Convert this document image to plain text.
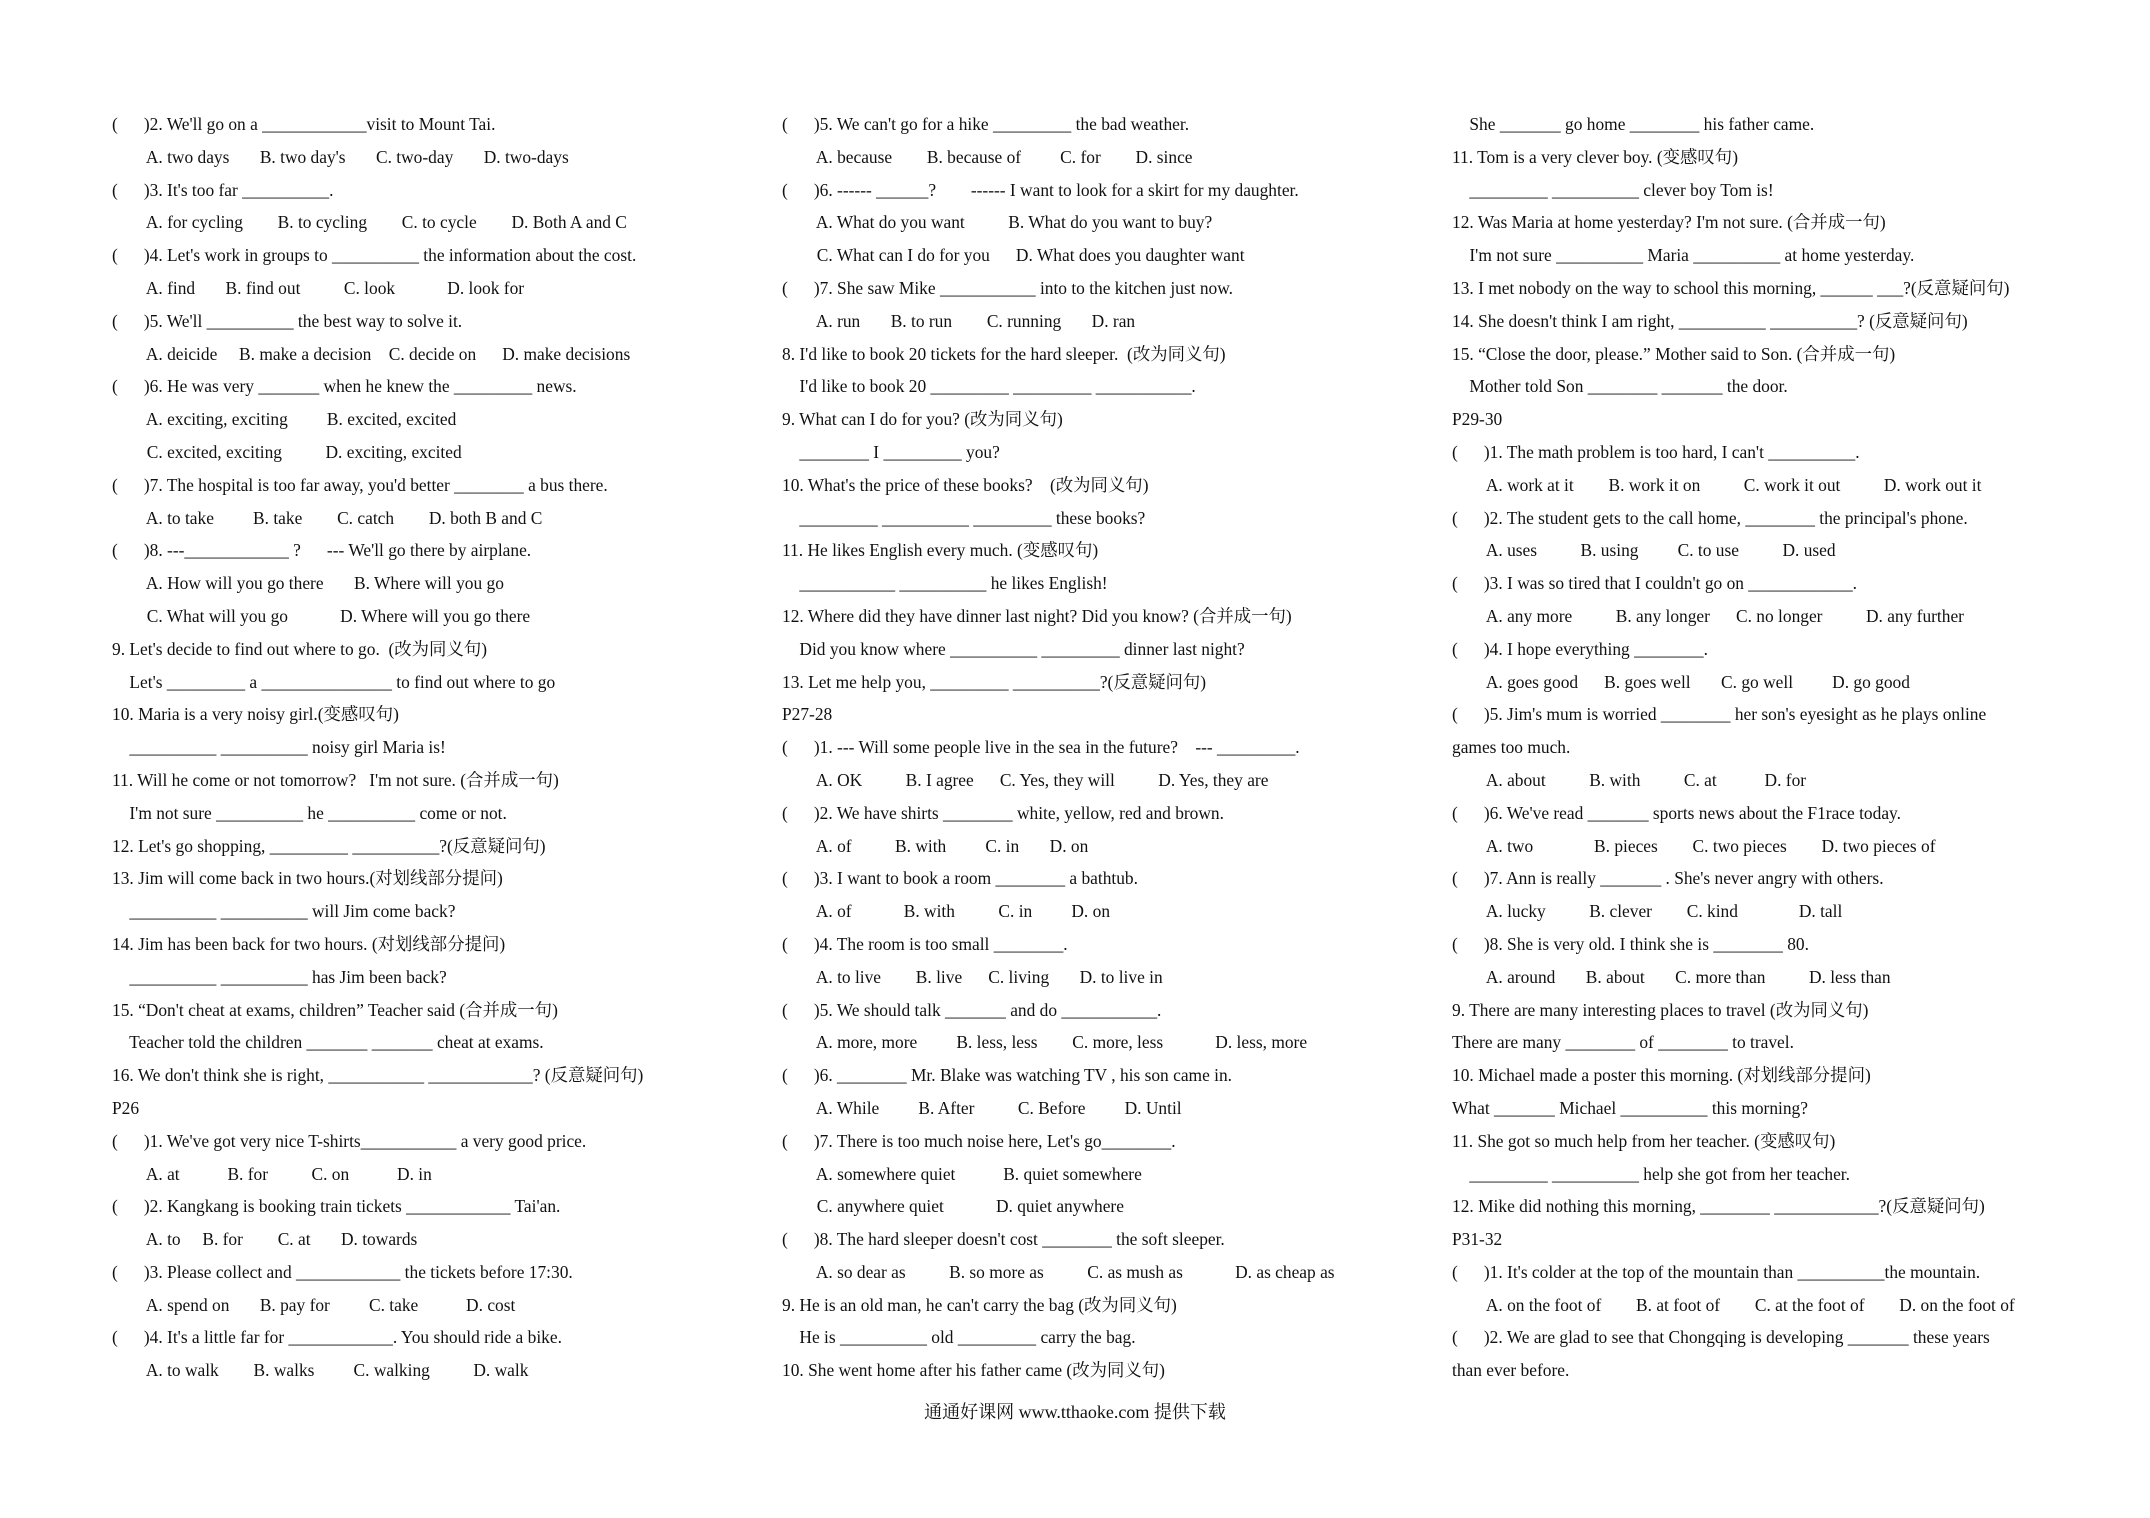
(      )2. We'll go on a ____________visit to Mount Tai.
A. two days       B. two day's       C. two-day       D. two-days
(      )3. It's too far __________.
A. for cycling        B. to cycling        C. to cycle        D. Both A and C
(      )4. Let's work in groups to __________ the information about the cost.
A. find       B. find out          C. look            D. look for
(      )5. We'll __________ the best way to solve it.
A. deicide     B. make a decision    C. decide on      D. make decisions
(      )6. He was very _______ when he knew the _________ news.
A. exciting, exciting         B. excited, excited
C. excited, exciting          D. exciting, excited
(      )7. The hospital is too far away, you'd better ________ a bus there.
A. to take         B. take        C. catch        D. both B and C
(      )8. ---____________ ?      --- We'll go there by airplane.
A. How will you go there       B. Where will you go
C. What will you go            D. Where will you go there
9. Let's decide to find out where to go.  (改为同义句)
Let's _________ a _______________ to find out where to go
10. Maria is a very noisy girl.(变感叹句)
__________ __________ noisy girl Maria is!
11. Will he come or not tomorrow?   I'm not sure. (合并成一句)
I'm not sure __________ he __________ come or not.
12. Let's go shopping, _________ __________?(反意疑问句)
13. Jim will come back in two hours.(对划线部分提问)
__________ __________ will Jim come back?
14. Jim has been back for two hours. (对划线部分提问)
__________ __________ has Jim been back?
15. “Don't cheat at exams, children” Teacher said (合并成一句)
Teacher told the children _______ _______ cheat at exams.
16. We don't think she is right, ___________ ____________? (反意疑问句)
P26
(      )1. We've got very nice T-shirts___________ a very good price.
A. at           B. for          C. on           D. in
(      )2. Kangkang is booking train tickets ____________ Tai'an.
A. to     B. for        C. at       D. towards
(      )3. Please collect and ____________ the tickets before 17:30.
A. spend on       B. pay for         C. take           D. cost
(      )4. It's a little far for ____________. You should ride a bike.
A. to walk        B. walks         C. walking          D. walk
(      )5. We can't go for a hike _________ the bad weather.
A. because        B. because of         C. for        D. since
(      )6. ------ ______?        ------ I want to look for a skirt for my daughter.
A. What do you want          B. What do you want to buy?
C. What can I do for you      D. What does you daughter want
(      )7. She saw Mike ___________ into to the kitchen just now.
A. run       B. to run        C. running       D. ran
8. I'd like to book 20 tickets for the hard sleeper.  (改为同义句)
I'd like to book 20 _________ _________ ___________.
9. What can I do for you? (改为同义句)
________ I _________ you?
10. What's the price of these books?    (改为同义句)
_________ __________ _________ these books?
11. He likes English every much. (变感叹句)
___________ __________ he likes English!
12. Where did they have dinner last night? Did you know? (合并成一句)
Did you know where __________ _________ dinner last night?
13. Let me help you, _________ __________?(反意疑问句)
P27-28
(      )1. --- Will some people live in the sea in the future?    --- _________.
A. OK          B. I agree      C. Yes, they will          D. Yes, they are
(      )2. We have shirts ________ white, yellow, red and brown.
A. of          B. with         C. in       D. on
(      )3. I want to book a room ________ a bathtub.
A. of            B. with          C. in         D. on
(      )4. The room is too small ________.
A. to live        B. live      C. living       D. to live in
(      )5. We should talk _______ and do ___________.
A. more, more         B. less, less        C. more, less            D. less, more
(      )6. ________ Mr. Blake was watching TV , his son came in.
A. While         B. After          C. Before         D. Until
(      )7. There is too much noise here, Let's go________.
A. somewhere quiet           B. quiet somewhere
C. anywhere quiet            D. quiet anywhere
(      )8. The hard sleeper doesn't cost ________ the soft sleeper.
A. so dear as          B. so more as          C. as mush as            D. as cheap as
9. He is an old man, he can't carry the bag (改为同义句)
He is __________ old _________ carry the bag.
10. She went home after his father came (改为同义句)
She _______ go home ________ his father came.
11. Tom is a very clever boy. (变感叹句)
_________ __________ clever boy Tom is!
12. Was Maria at home yesterday? I'm not sure. (合并成一句)
I'm not sure __________ Maria __________ at home yesterday.
13. I met nobody on the way to school this morning, ______ ___?(反意疑问句)
14. She doesn't think I am right, __________ __________? (反意疑问句)
15. “Close the door, please.” Mother said to Son. (合并成一句)
Mother told Son ________ _______ the door.
P29-30
(      )1. The math problem is too hard, I can't __________.
A. work at it        B. work it on          C. work it out          D. work out it
(      )2. The student gets to the call home, ________ the principal's phone.
A. uses          B. using         C. to use          D. used
(      )3. I was so tired that I couldn't go on ____________.
A. any more          B. any longer      C. no longer          D. any further
(      )4. I hope everything ________.
A. goes good      B. goes well       C. go well         D. go good
(      )5. Jim's mum is worried ________ her son's eyesight as he plays online
games too much.
A. about          B. with          C. at           D. for
(      )6. We've read _______ sports news about the F1race today.
A. two              B. pieces        C. two pieces        D. two pieces of
(      )7. Ann is really _______ . She's never angry with others.
A. lucky          B. clever        C. kind              D. tall
(      )8. She is very old. I think she is ________ 80.
A. around       B. about       C. more than          D. less than
9. There are many interesting places to travel (改为同义句)
There are many ________ of ________ to travel.
10. Michael made a poster this morning. (对划线部分提问)
What _______ Michael __________ this morning?
11. She got so much help from her teacher. (变感叹句)
_________ __________ help she got from her teacher.
12. Mike did nothing this morning, ________ ____________?(反意疑问句)
P31-32
(      )1. It's colder at the top of the mountain than __________the mountain.
A. on the foot of        B. at foot of        C. at the foot of        D. on the foot of
(      )2. We are glad to see that Chongqing is developing _______ these years
than ever before.
通通好课网 www.tthaoke.com 提供下载
